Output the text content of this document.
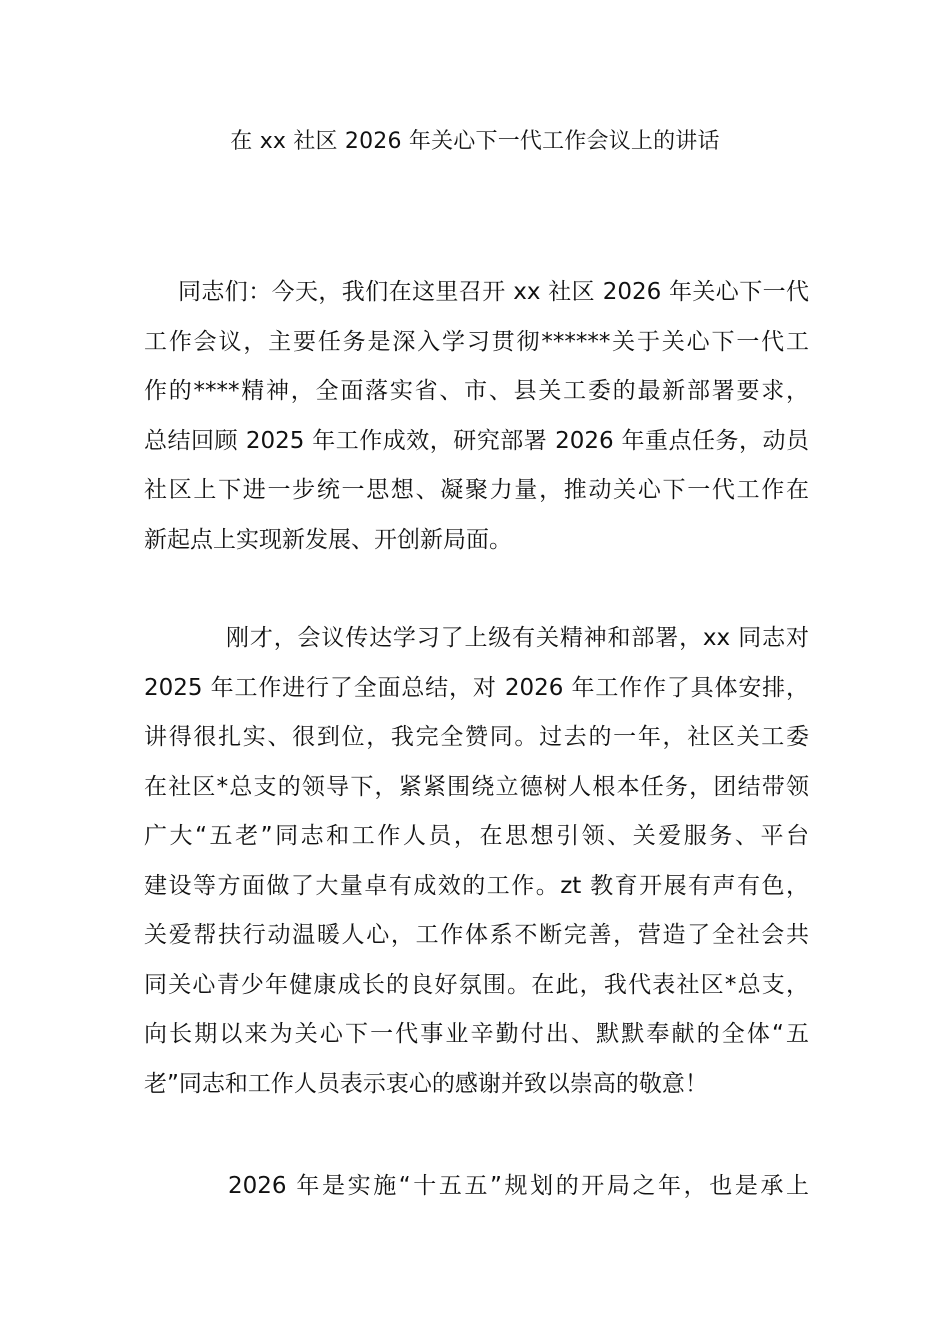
在 xx 社区 2026 年关心下一代工作会议上的讲话
同志们：今天，我们在这里召开 xx 社区 2026 年关心下一代
工作会议，主要任务是深入学习贯彻******关于关心下一代工
作的****精神，全面落实省、市、县关工委的最新部署要求，
总结回顾 2025 年工作成效，研究部署 2026 年重点任务，动员
社区上下进一步统一思想、凝聚力量，推动关心下一代工作在
新起点上实现新发展、开创新局面。
刚才，会议传达学习了上级有关精神和部署，xx 同志对
2025 年工作进行了全面总结，对 2026 年工作作了具体安排，
讲得很扎实、很到位，我完全赞同。过去的一年，社区关工委
在社区*总支的领导下，紧紧围绕立德树人根本任务，团结带领
广大“五老”同志和工作人员，在思想引领、关爱服务、平台
建设等方面做了大量卓有成效的工作。zt 教育开展有声有色，
关爱帮扶行动温暖人心，工作体系不断完善，营造了全社会共
同关心青少年健康成长的良好氛围。在此，我代表社区*总支，
向长期以来为关心下一代事业辛勤付出、默默奉献的全体“五
老”同志和工作人员表示衷心的感谢并致以崇高的敬意！
2026 年是实施“十五五”规划的开局之年，也是承上
